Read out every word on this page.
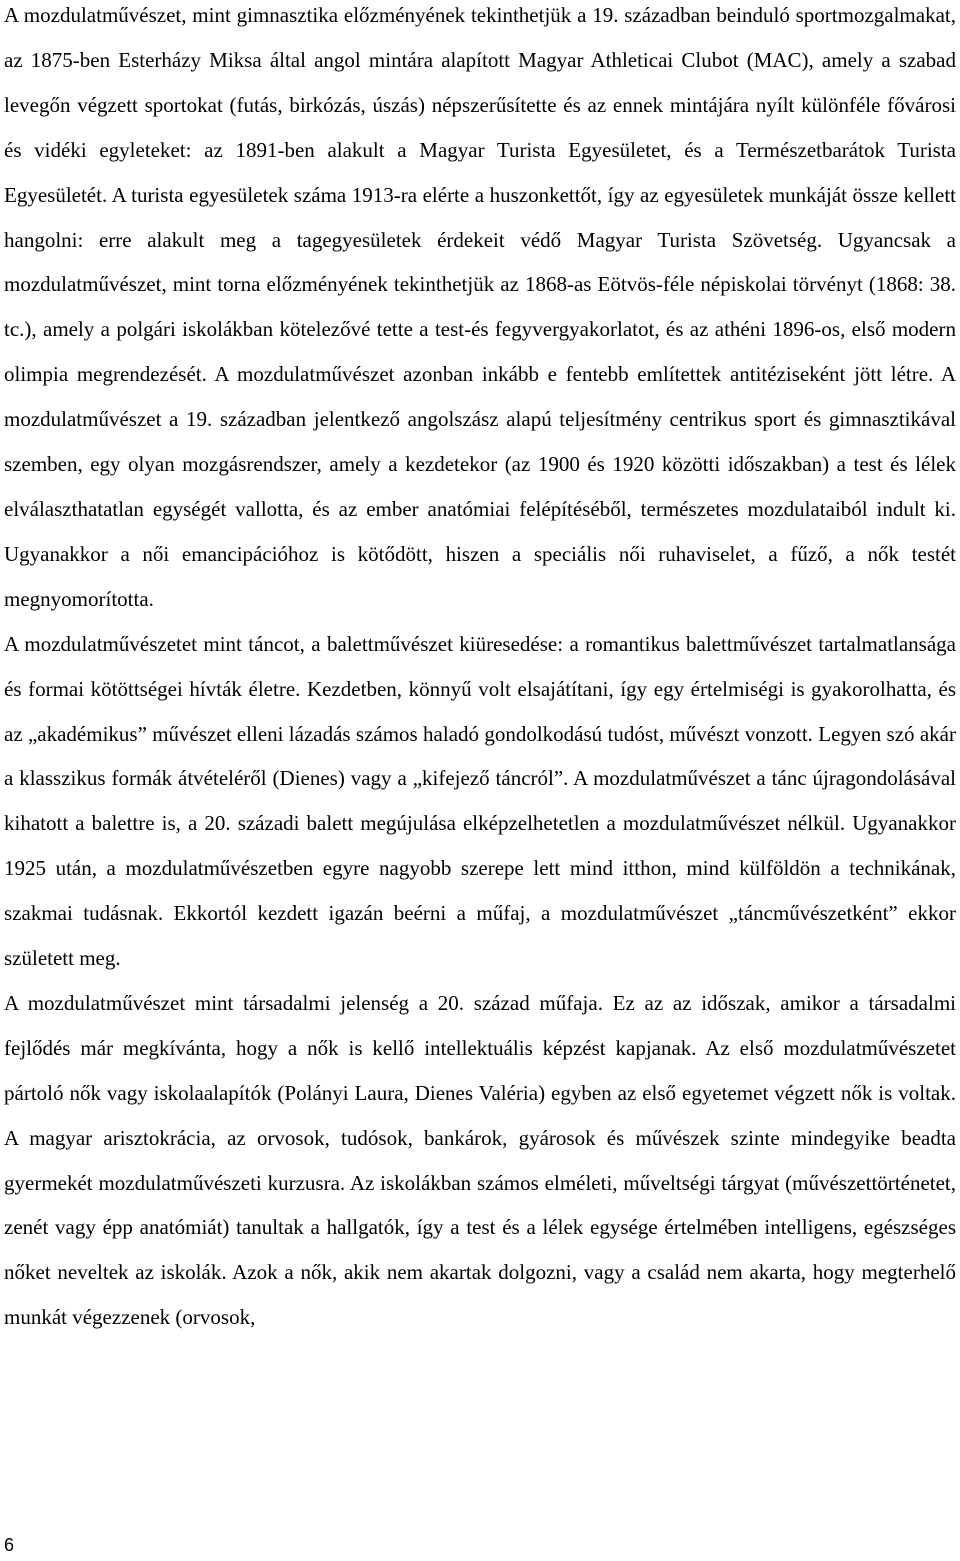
A mozdulatművészet, mint gimnasztika előzményének tekinthetjük a 19. században beinduló sportmozgalmakat, az 1875-ben Esterházy Miksa által angol mintára alapított Magyar Athleticai Clubot (MAC), amely a szabad levegőn végzett sportokat (futás, birkózás, úszás) népszerűsítette és az ennek mintájára nyílt különféle fővárosi és vidéki egyleteket: az 1891-ben alakult a Magyar Turista Egyesületet, és a Természetbarátok Turista Egyesületét. A turista egyesületek száma 1913-ra elérte a huszonkettőt, így az egyesületek munkáját össze kellett hangolni: erre alakult meg a tagegyesületek érdekeit védő Magyar Turista Szövetség. Ugyancsak a mozdulatművészet, mint torna előzményének tekinthetjük az 1868-as Eötvös-féle népiskolai törvényt (1868: 38. tc.), amely a polgári iskolákban kötelezővé tette a test-és fegyvergyakorlatot, és az athéni 1896-os, első modern olimpia megrendezését. A mozdulatművészet azonban inkább e fentebb említettek antitéziseként jött létre. A mozdulatművészet a 19. században jelentkező angolszász alapú teljesítmény centrikus sport és gimnasztikával szemben, egy olyan mozgásrendszer, amely a kezdetekor (az 1900 és 1920 közötti időszakban) a test és lélek elválaszthatatlan egységét vallotta, és az ember anatómiai felépítéséből, természetes mozdulataiból indult ki. Ugyanakkor a női emancipációhoz is kötődött, hiszen a speciális női ruhaviselet, a fűző, a nők testét megnyomorította.

A mozdulatművészetet mint táncot, a balettművészet kiüresedése: a romantikus balettművészet tartalmatlansága és formai kötöttségei hívták életre. Kezdetben, könnyű volt elsajátítani, így egy értelmiségi is gyakorolhatta, és az „akadémikus” művészet elleni lázadás számos haladó gondolkodású tudóst, művészt vonzott. Legyen szó akár a klasszikus formák átvételéről (Dienes) vagy a „kifejező táncról”. A mozdulatművészet a tánc újragondolásával kihatott a balettre is, a 20. századi balett megújulása elképzelhetetlen a mozdulatművészet nélkül. Ugyanakkor 1925 után, a mozdulatművészetben egyre nagyobb szerepe lett mind itthon, mind külföldön a technikának, szakmai tudásnak. Ekkortól kezdett igazán beérni a műfaj, a mozdulatművészet „táncművészetként” ekkor született meg.

A mozdulatművészet mint társadalmi jelenség a 20. század műfaja. Ez az az időszak, amikor a társadalmi fejlődés már megkívánta, hogy a nők is kellő intellektuális képzést kapjanak. Az első mozdulatművészetet pártoló nők vagy iskolaalapítók (Polányi Laura, Dienes Valéria) egyben az első egyetemet végzett nők is voltak. A magyar arisztokrácia, az orvosok, tudósok, bankárok, gyárosok és művészek szinte mindegyike beadta gyermekét mozdulatművészeti kurzusra. Az iskolákban számos elméleti, műveltségi tárgyat (művészettörténetet, zenét vagy épp anatómiát) tanultak a hallgatók, így a test és a lélek egysége értelmében intelligens, egészséges nőket neveltek az iskolák. Azok a nők, akik nem akartak dolgozni, vagy a család nem akarta, hogy megterhelő munkát végezzenek (orvosok,

6
